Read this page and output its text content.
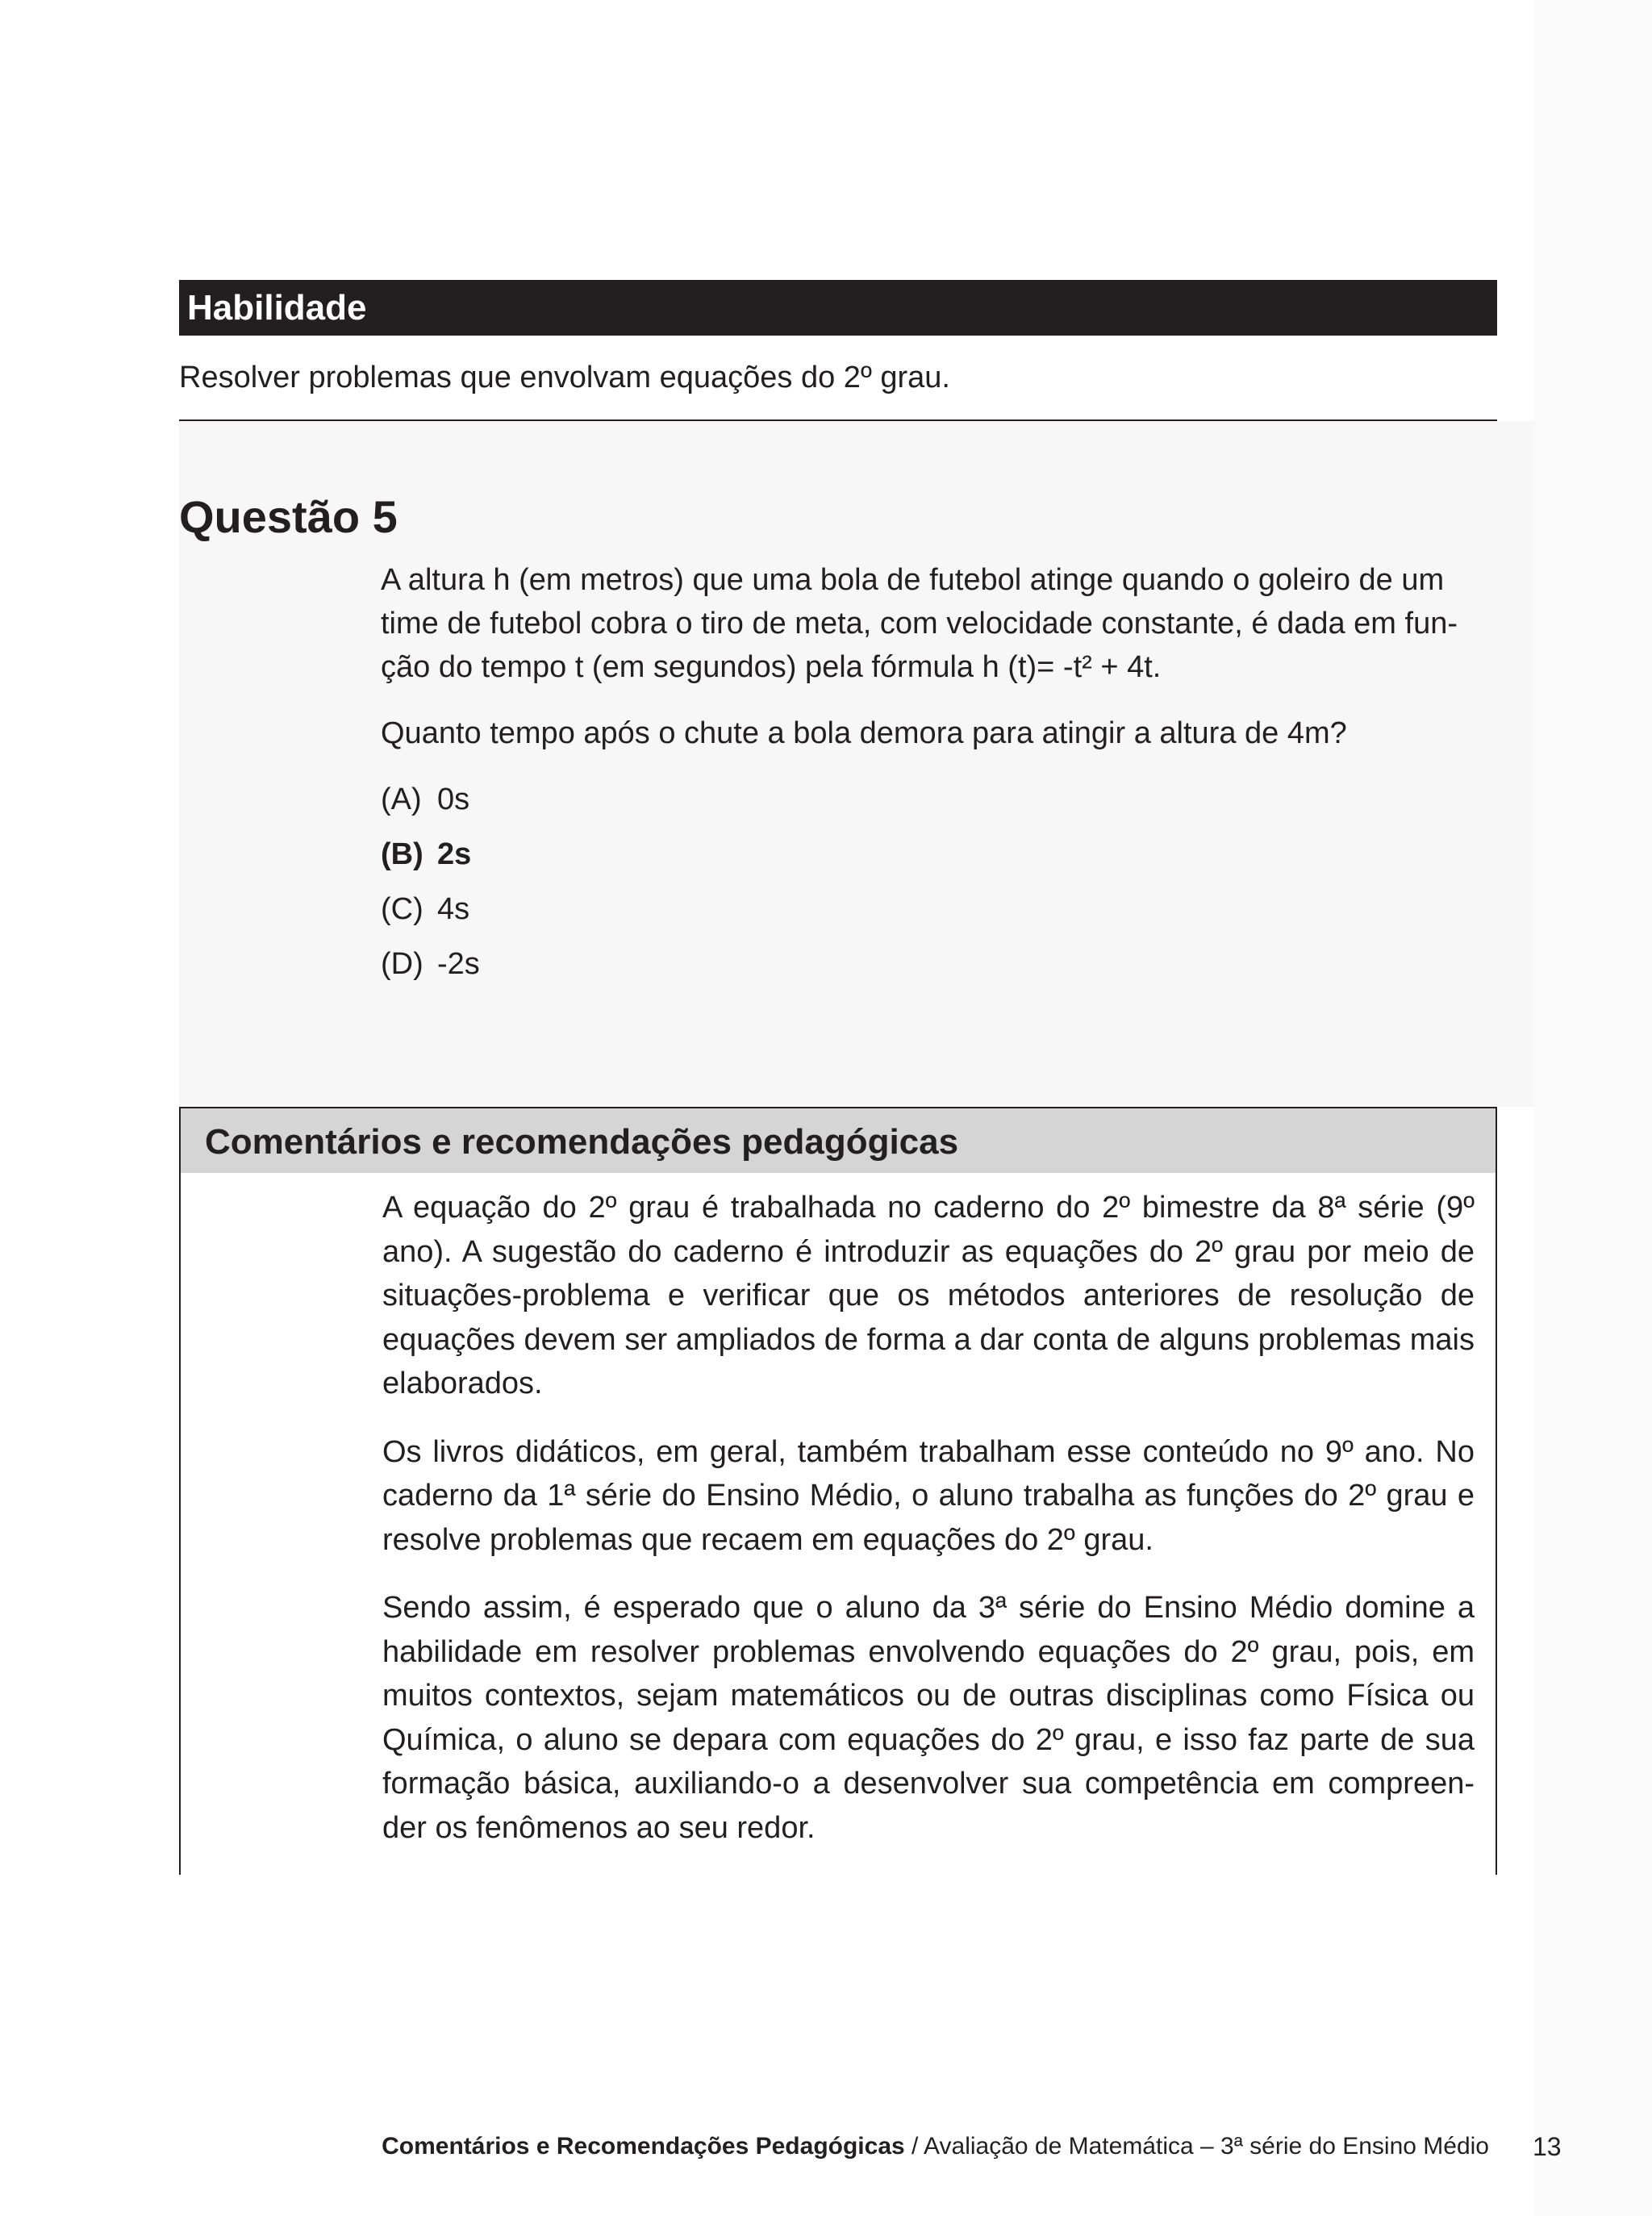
Habilidade
Resolver problemas que envolvam equações do 2º grau.
Questão 5

A altura h (em metros) que uma bola de futebol atinge quando o goleiro de um
time de futebol cobra o tiro de meta, com velocidade constante, é dada em fun-
ção do tempo t (em segundos) pela fórmula h (t)= -t² + 4t.

Quanto tempo após o chute a bola demora para atingir a altura de 4m?

(A) 0s
(B) 2s
(C) 4s
(D) -2s
Comentários e recomendações pedagógicas

A equação do 2º grau é trabalhada no caderno do 2º bimestre da 8ª série (9º ano). A sugestão do caderno é introduzir as equações do 2º grau por meio de situações-problema e verificar que os métodos anteriores de resolução de equações devem ser ampliados de forma a dar conta de alguns problemas mais elaborados.

Os livros didáticos, em geral, também trabalham esse conteúdo no 9º ano. No caderno da 1ª série do Ensino Médio, o aluno trabalha as funções do 2º grau e resolve problemas que recaem em equações do 2º grau.

Sendo assim, é esperado que o aluno da 3ª série do Ensino Médio domine a habilidade em resolver problemas envolvendo equações do 2º grau, pois, em muitos contextos, sejam matemáticos ou de outras disciplinas como Física ou Química, o aluno se depara com equações do 2º grau, e isso faz parte de sua formação básica, auxiliando-o a desenvolver sua competência em compreen-der os fenômenos ao seu redor.

Comentários e Recomendações Pedagógicas / Avaliação de Matemática – 3ª série do Ensino Médio 13
